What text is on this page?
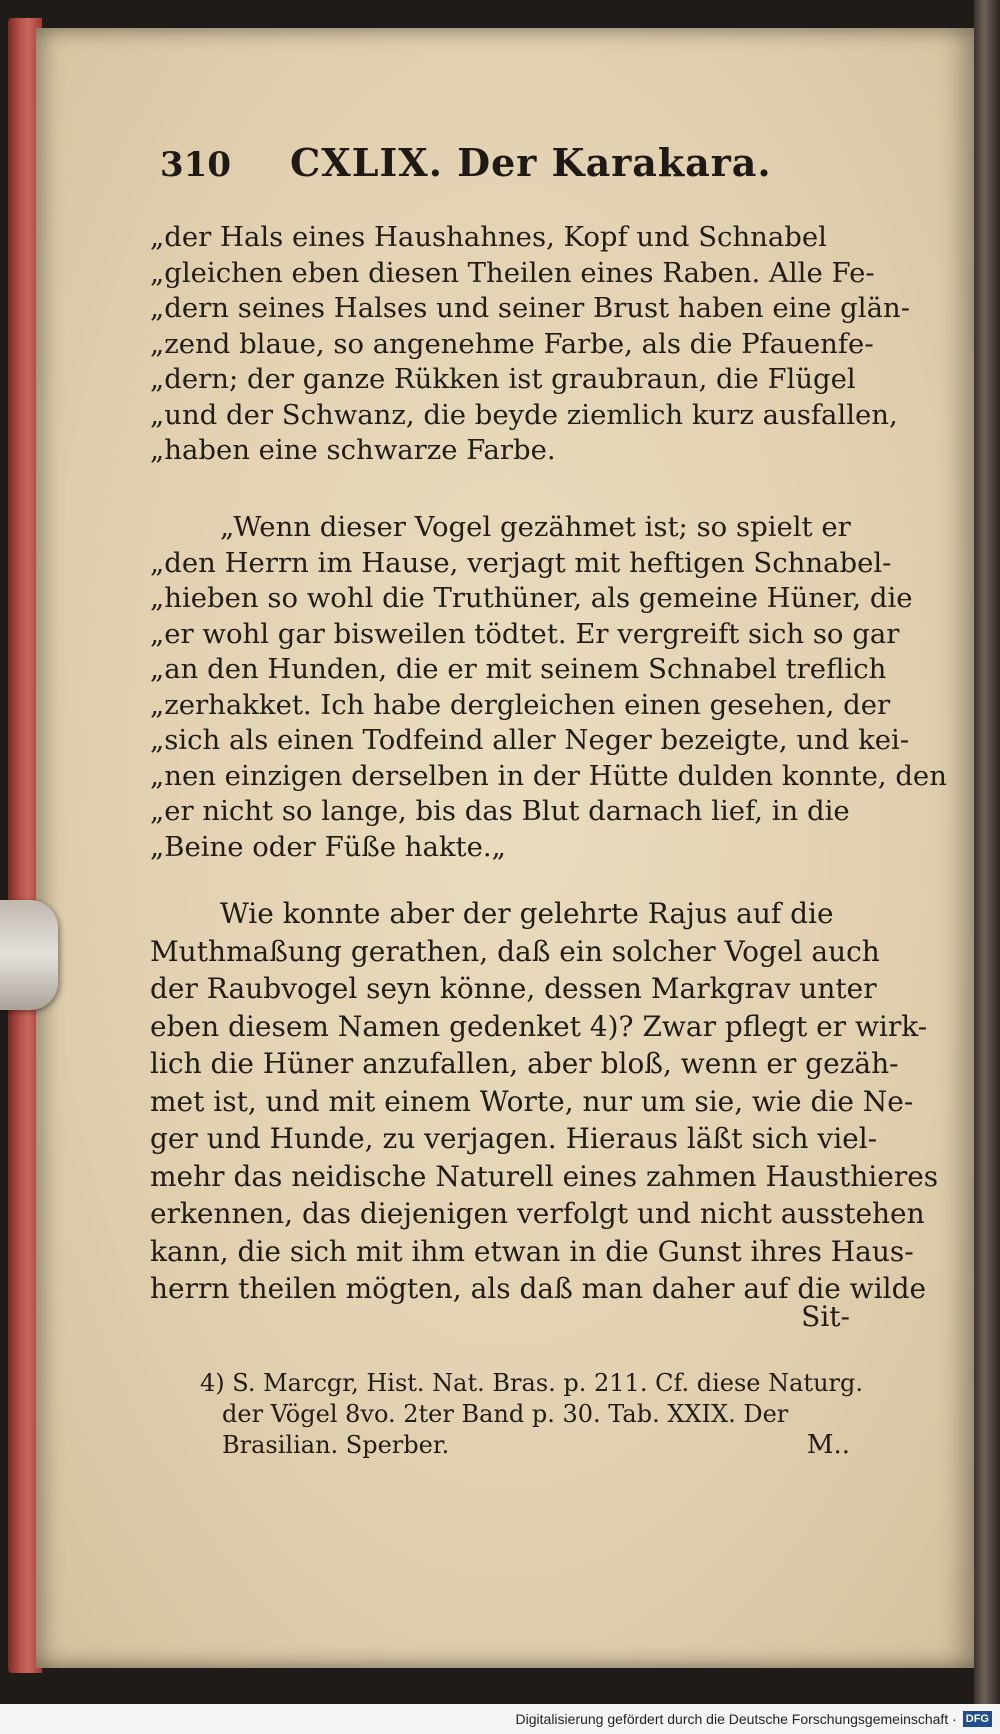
310	CXLIX. Der Karakara.

„der Hals eines Haushahnes, Kopf und Schnabel
„gleichen eben diesen Theilen eines Raben. Alle Fe-
„dern seines Halses und seiner Brust haben eine glän-
„zend blaue, so angenehme Farbe, als die Pfauenfe-
„dern; der ganze Rükken ist graubraun, die Flügel
„und der Schwanz, die beyde ziemlich kurz ausfallen,
„haben eine schwarze Farbe.

„Wenn dieser Vogel gezähmet ist; so spielt er
„den Herrn im Hause, verjagt mit heftigen Schnabel-
„hieben so wohl die Truthüner, als gemeine Hüner, die
„er wohl gar bisweilen tödtet. Er vergreift sich so gar
„an den Hunden, die er mit seinem Schnabel treflich
„zerhakket. Ich habe dergleichen einen gesehen, der
„sich als einen Todfeind aller Neger bezeigte, und kei-
„nen einzigen derselben in der Hütte dulden konnte, den
„er nicht so lange, bis das Blut darnach lief, in die
„Beine oder Füße hakte.„

Wie konnte aber der gelehrte Rajus auf die
Muthmaßung gerathen, daß ein solcher Vogel auch
der Raubvogel seyn könne, dessen Markgrav unter
eben diesem Namen gedenket 4)? Zwar pflegt er wirk-
lich die Hüner anzufallen, aber bloß, wenn er gezäh-
met ist, und mit einem Worte, nur um sie, wie die Ne-
ger und Hunde, zu verjagen. Hieraus läßt sich viel-
mehr das neidische Naturell eines zahmen Hausthieres
erkennen, das diejenigen verfolgt und nicht ausstehen
kann, die sich mit ihm etwan in die Gunst ihres Haus-
herrn theilen mögten, als daß man daher auf die wilde

Sit-

4) S. Marcgr, Hist. Nat. Bras. p. 211. Cf. diese Naturg.
der Vögel 8vo. 2ter Band p. 30. Tab. XXIX. Der
Brasilian. Sperber.	M..
Digitalisierung gefördert durch die Deutsche Forschungsgemeinschaft · DFG
